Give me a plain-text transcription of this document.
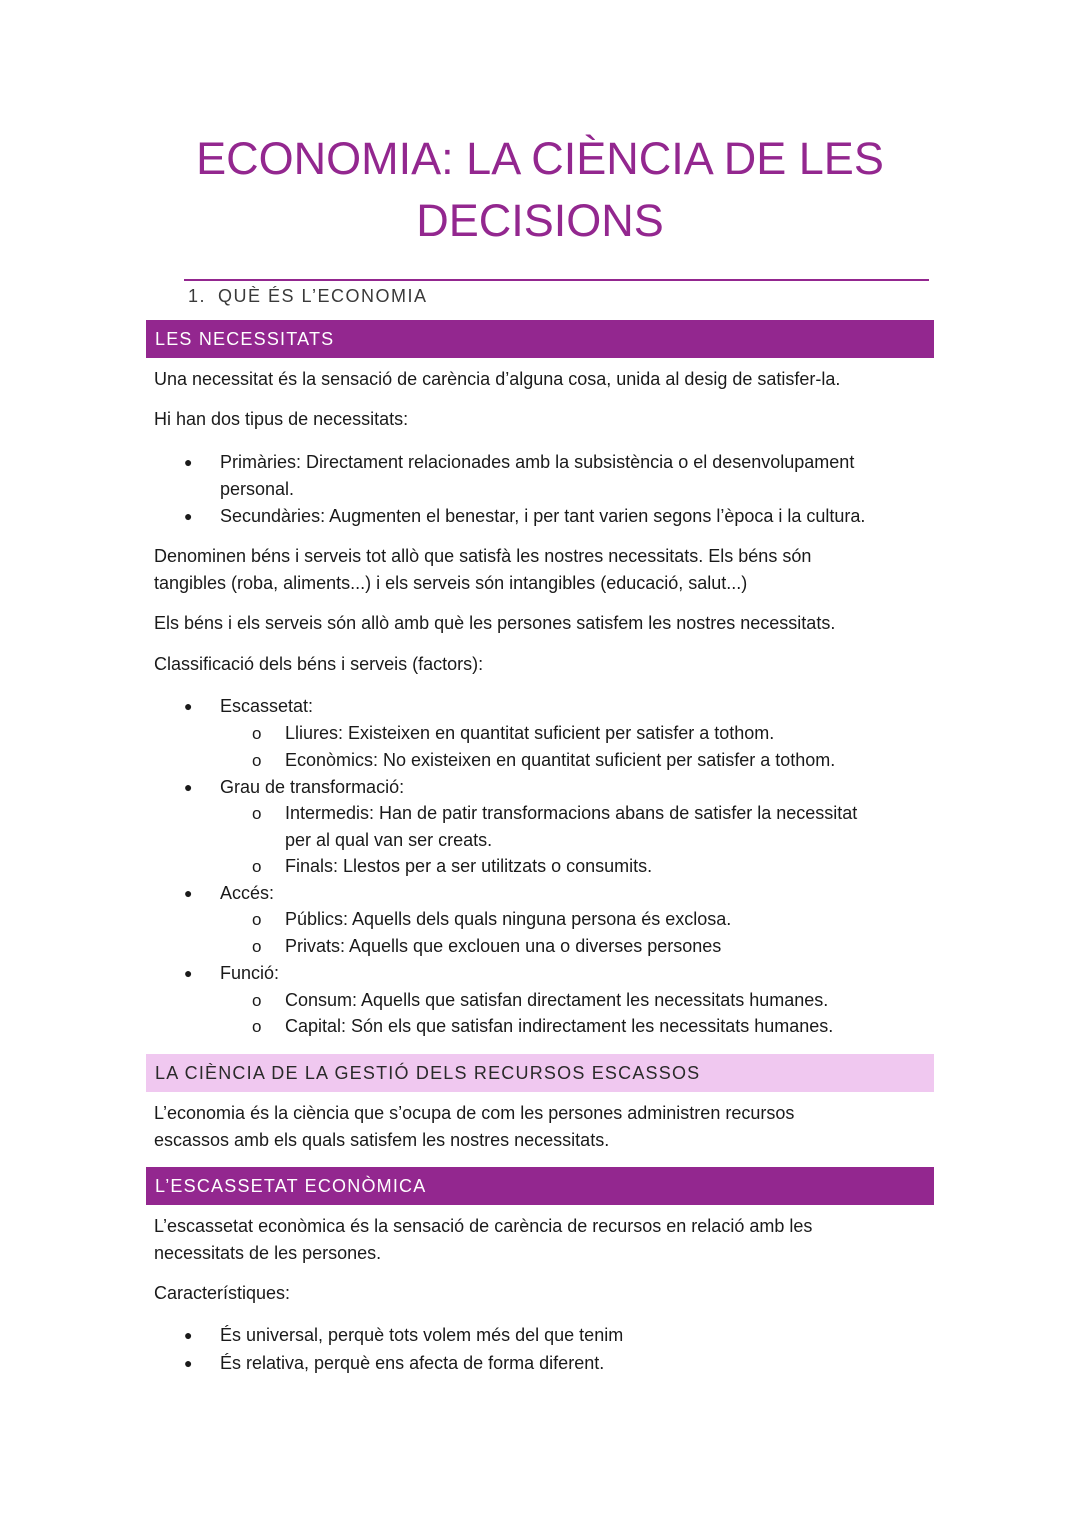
ECONOMIA: LA CIÈNCIA DE LES
DECISIONS
1. QUÈ ÉS L’ECONOMIA
LES NECESSITATS

Una necessitat és la sensació de carència d’alguna cosa, unida al desig de satisfer-la.

Hi han dos tipus de necessitats:

● Primàries: Directament relacionades amb la subsistència o el desenvolupament
personal.
● Secundàries: Augmenten el benestar, i per tant varien segons l’època i la cultura.

Denominen béns i serveis tot allò que satisfà les nostres necessitats. Els béns són
tangibles (roba, aliments...) i els serveis són intangibles (educació, salut...)

Els béns i els serveis són allò amb què les persones satisfem les nostres necessitats.

Classificació dels béns i serveis (factors):

● Escassetat:
o Lliures: Existeixen en quantitat suficient per satisfer a tothom.
o Econòmics: No existeixen en quantitat suficient per satisfer a tothom.
● Grau de transformació:
o Intermedis: Han de patir transformacions abans de satisfer la necessitat
per al qual van ser creats.
o Finals: Llestos per a ser utilitzats o consumits.
● Accés:
o Públics: Aquells dels quals ninguna persona és exclosa.
o Privats: Aquells que exclouen una o diverses persones
● Funció:
o Consum: Aquells que satisfan directament les necessitats humanes.
o Capital: Són els que satisfan indirectament les necessitats humanes.
LA CIÈNCIA DE LA GESTIÓ DELS RECURSOS ESCASSOS

L’economia és la ciència que s’ocupa de com les persones administren recursos
escassos amb els quals satisfem les nostres necessitats.

L’ESCASSETAT ECONÒMICA

L’escassetat econòmica és la sensació de carència de recursos en relació amb les
necessitats de les persones.

Característiques:

● És universal, perquè tots volem més del que tenim
● És relativa, perquè ens afecta de forma diferent.
